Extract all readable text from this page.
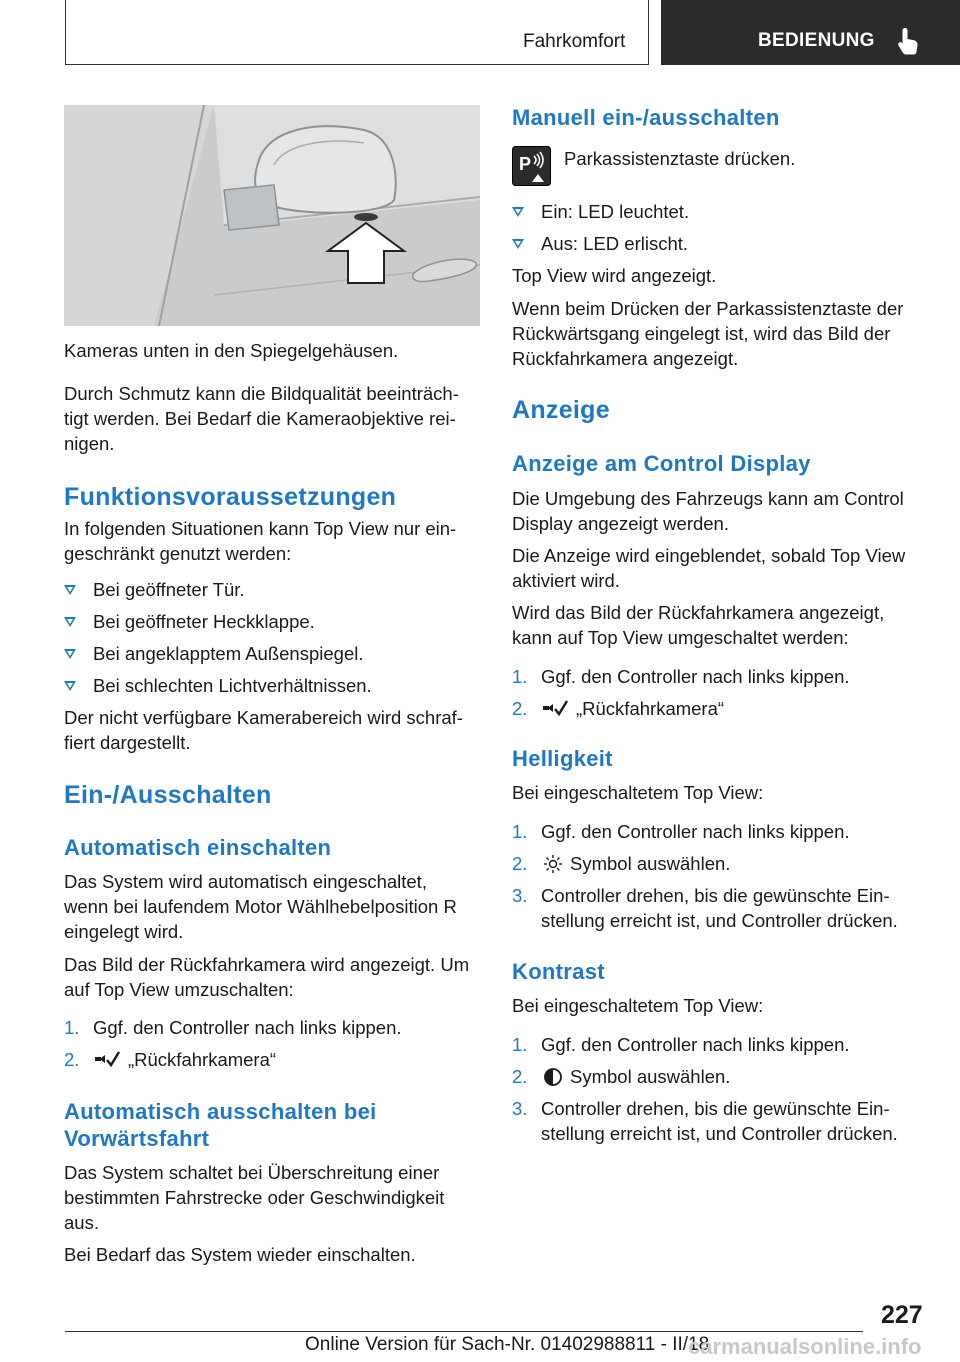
Fahrkomfort	BEDIENUNG
Kameras unten in den Spiegelgehäusen.
Durch Schmutz kann die Bildqualität beeinträch-
tigt werden. Bei Bedarf die Kameraobjektive rei-
nigen.
Funktionsvoraussetzungen
In folgenden Situationen kann Top View nur ein-
geschränkt genutzt werden:
Bei geöffneter Tür.
Bei geöffneter Heckklappe.
Bei angeklapptem Außenspiegel.
Bei schlechten Lichtverhältnissen.
Der nicht verfügbare Kamerabereich wird schraf-
fiert dargestellt.
Ein-/Ausschalten
Automatisch einschalten
Das System wird automatisch eingeschaltet,
wenn bei laufendem Motor Wählhebelposition R
eingelegt wird.
Das Bild der Rückfahrkamera wird angezeigt. Um
auf Top View umzuschalten:
1. Ggf. den Controller nach links kippen.
2.	„Rückfahrkamera“
Automatisch ausschalten bei
Vorwärtsfahrt
Das System schaltet bei Überschreitung einer
bestimmten Fahrstrecke oder Geschwindigkeit
aus.
Bei Bedarf das System wieder einschalten.
Manuell ein-/ausschalten
P Parkassistenztaste drücken.
Ein: LED leuchtet.
Aus: LED erlischt.
Top View wird angezeigt.
Wenn beim Drücken der Parkassistenztaste der
Rückwärtsgang eingelegt ist, wird das Bild der
Rückfahrkamera angezeigt.
Anzeige
Anzeige am Control Display
Die Umgebung des Fahrzeugs kann am Control
Display angezeigt werden.
Die Anzeige wird eingeblendet, sobald Top View
aktiviert wird.
Wird das Bild der Rückfahrkamera angezeigt,
kann auf Top View umgeschaltet werden:
1. Ggf. den Controller nach links kippen.
2.	„Rückfahrkamera“
Helligkeit
Bei eingeschaltetem Top View:
1. Ggf. den Controller nach links kippen.
2. Symbol auswählen.
3. Controller drehen, bis die gewünschte Ein-
stellung erreicht ist, und Controller drücken.
Kontrast
Bei eingeschaltetem Top View:
1. Ggf. den Controller nach links kippen.
2. Symbol auswählen.
3. Controller drehen, bis die gewünschte Ein-
stellung erreicht ist, und Controller drücken.
227
Online Version für Sach-Nr. 01402988811 - II/18
carmanualsonline.info
